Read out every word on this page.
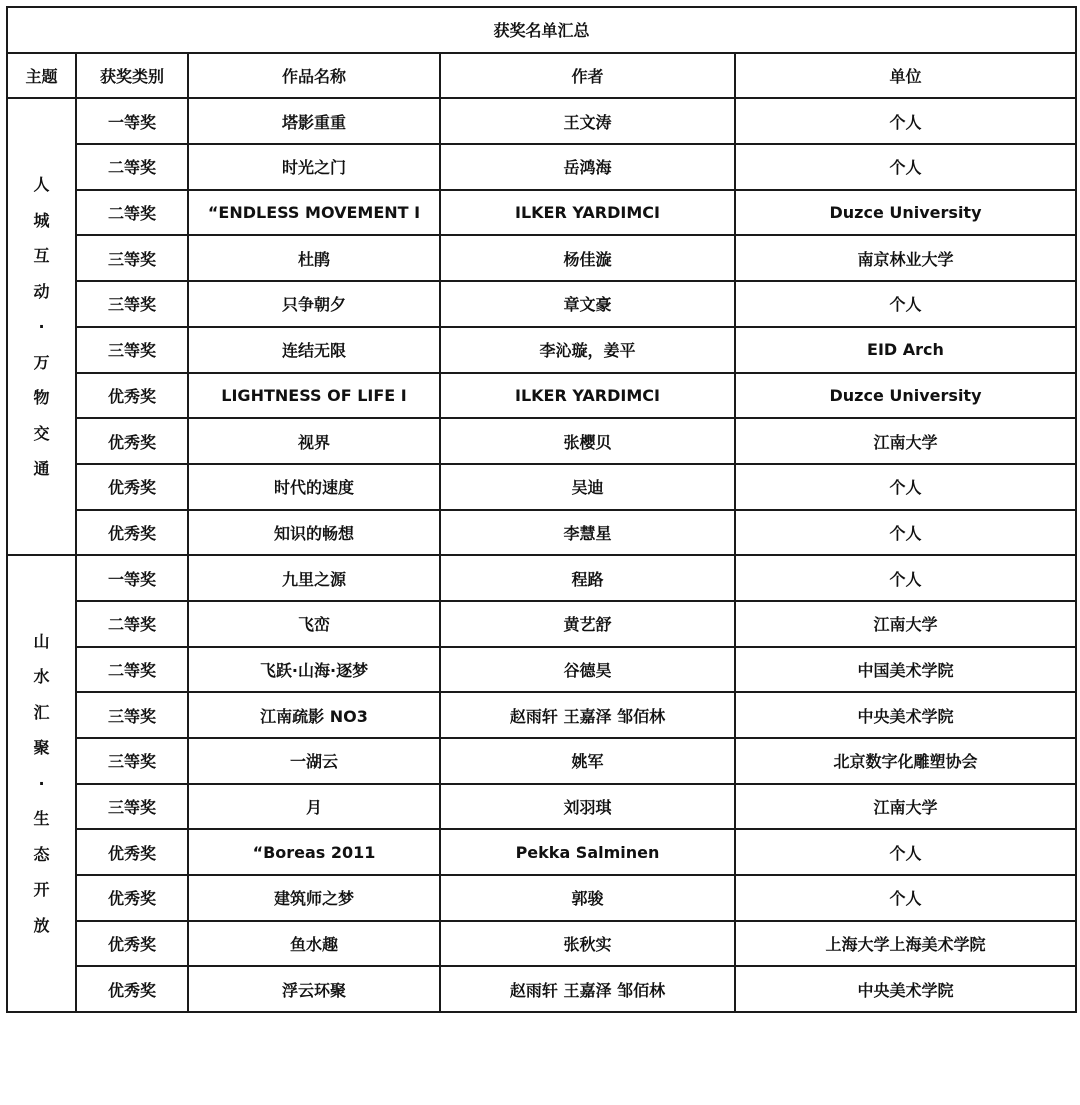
获奖名单汇总				
主题	获奖类别	作品名称	作者	单位
人城互动·万物交通	一等奖	塔影重重	王文涛	个人
	二等奖	时光之门	岳鸿海	个人
	二等奖	“ENDLESS MOVEMENT I	ILKER YARDIMCI	Duzce University
	三等奖	杜鹃	杨佳漩	南京林业大学
	三等奖	只争朝夕	章文豪	个人
	三等奖	连结无限	李沁璇，姜平	EID Arch
	优秀奖	LIGHTNESS OF LIFE I	ILKER YARDIMCI	Duzce University
	优秀奖	视界	张樱贝	江南大学
	优秀奖	时代的速度	吴迪	个人
	优秀奖	知识的畅想	李慧星	个人
山水汇聚·生态开放	一等奖	九里之源	程路	个人
	二等奖	飞峦	黄艺舒	江南大学
	二等奖	飞跃·山海·逐梦	谷德昊	中国美术学院
	三等奖	江南疏影 NO3	赵雨轩 王嘉泽 邹佰林	中央美术学院
	三等奖	一湖云	姚军	北京数字化雕塑协会
	三等奖	月	刘羽琪	江南大学
	优秀奖	“Boreas 2011	Pekka Salminen	个人
	优秀奖	建筑师之梦	郭骏	个人
	优秀奖	鱼水趣	张秋实	上海大学上海美术学院
	优秀奖	浮云环聚	赵雨轩 王嘉泽 邹佰林	中央美术学院
